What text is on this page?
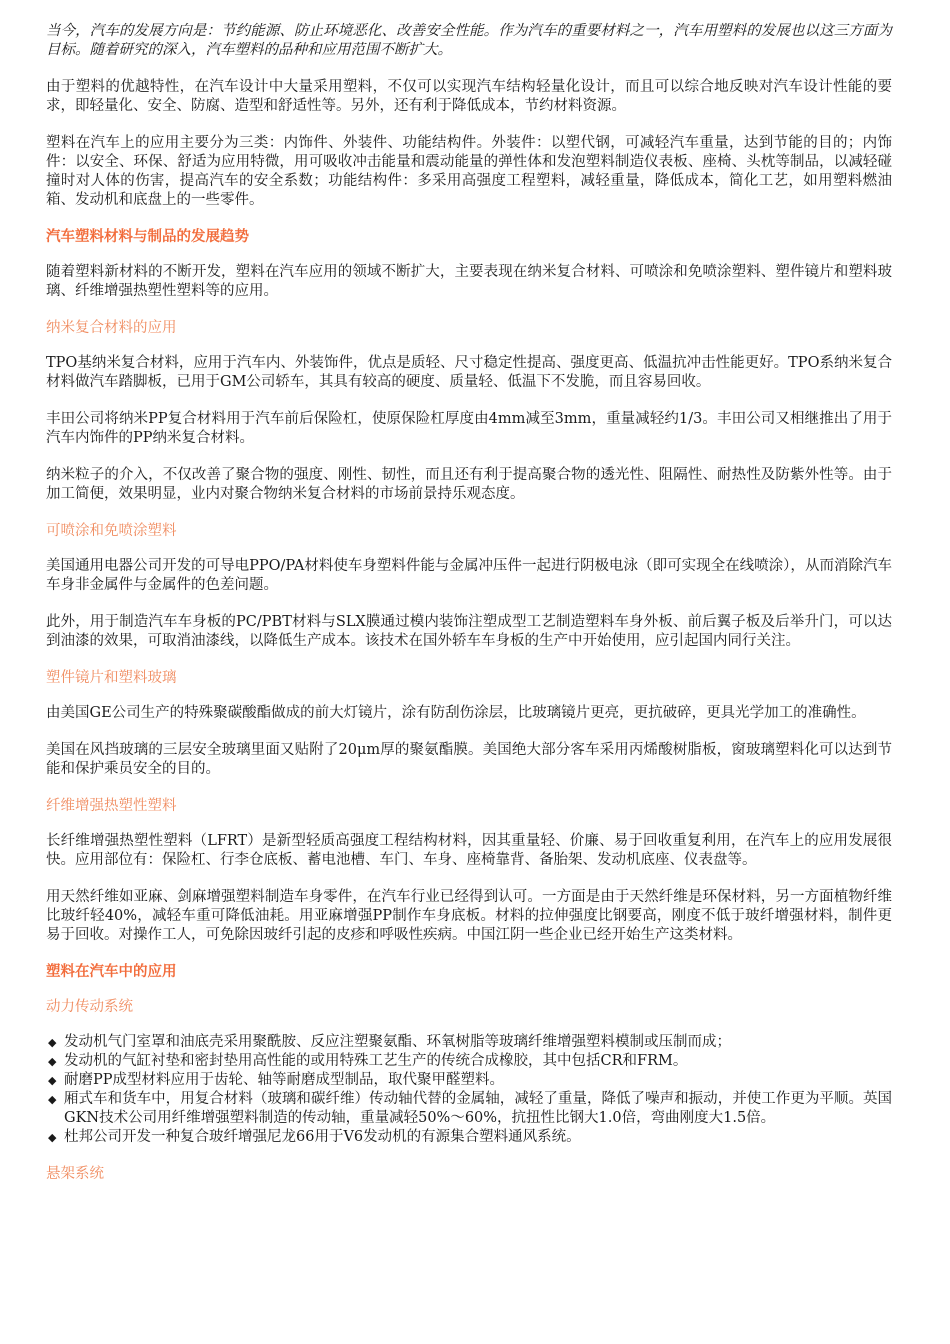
当今，汽车的发展方向是：节约能源、防止环境恶化、改善安全性能。作为汽车的重要材料之一，汽车用塑料的发展也以这三方面为目标。随着研究的深入，汽车塑料的品种和应用范围不断扩大。

由于塑料的优越特性，在汽车设计中大量采用塑料，不仅可以实现汽车结构轻量化设计，而且可以综合地反映对汽车设计性能的要求，即轻量化、安全、防腐、造型和舒适性等。另外，还有利于降低成本，节约材料资源。

塑料在汽车上的应用主要分为三类：内饰件、外装件、功能结构件。外装件：以塑代钢，可减轻汽车重量，达到节能的目的；内饰件：以安全、环保、舒适为应用特微，用可吸收冲击能量和震动能量的弹性体和发泡塑料制造仪表板、座椅、头枕等制品，以减轻碰撞时对人体的伤害，提高汽车的安全系数；功能结构件：多采用高强度工程塑料，减轻重量，降低成本，简化工艺，如用塑料燃油箱、发动机和底盘上的一些零件。

汽车塑料材料与制品的发展趋势

随着塑料新材料的不断开发，塑料在汽车应用的领域不断扩大，主要表现在纳米复合材料、可喷涂和免喷涂塑料、塑件镜片和塑料玻璃、纤维增强热塑性塑料等的应用。

纳米复合材料的应用

TPO基纳米复合材料，应用于汽车内、外装饰件，优点是质轻、尺寸稳定性提高、强度更高、低温抗冲击性能更好。TPO系纳米复合材料做汽车踏脚板，已用于GM公司轿车，其具有较高的硬度、质量轻、低温下不发脆，而且容易回收。

丰田公司将纳米PP复合材料用于汽车前后保险杠，使原保险杠厚度由4mm减至3mm，重量减轻约1/3。丰田公司又相继推出了用于汽车内饰件的PP纳米复合材料。

纳米粒子的介入，不仅改善了聚合物的强度、刚性、韧性，而且还有利于提高聚合物的透光性、阻隔性、耐热性及防紫外性等。由于加工简便，效果明显，业内对聚合物纳米复合材料的市场前景持乐观态度。

可喷涂和免喷涂塑料

美国通用电器公司开发的可导电PPO/PA材料使车身塑料件能与金属冲压件一起进行阴极电泳（即可实现全在线喷涂），从而消除汽车车身非金属件与金属件的色差问题。

此外，用于制造汽车车身板的PC/PBT材料与SLX膜通过模内装饰注塑成型工艺制造塑料车身外板、前后翼子板及后举升门，可以达到油漆的效果，可取消油漆线，以降低生产成本。该技术在国外轿车车身板的生产中开始使用，应引起国内同行关注。

塑件镜片和塑料玻璃

由美国GE公司生产的特殊聚碳酸酯做成的前大灯镜片，涂有防刮伤涂层，比玻璃镜片更亮，更抗破碎，更具光学加工的准确性。

美国在风挡玻璃的三层安全玻璃里面又贴附了20μm厚的聚氨酯膜。美国绝大部分客车采用丙烯酸树脂板，窗玻璃塑料化可以达到节能和保护乘员安全的目的。

纤维增强热塑性塑料

长纤维增强热塑性塑料（LFRT）是新型轻质高强度工程结构材料，因其重量轻、价廉、易于回收重复利用，在汽车上的应用发展很快。应用部位有：保险杠、行李仓底板、蓄电池槽、车门、车身、座椅靠背、备胎架、发动机底座、仪表盘等。

用天然纤维如亚麻、剑麻增强塑料制造车身零件，在汽车行业已经得到认可。一方面是由于天然纤维是环保材料，另一方面植物纤维比玻纤轻40%，减轻车重可降低油耗。用亚麻增强PP制作车身底板。材料的拉伸强度比钢要高，刚度不低于玻纤增强材料，制件更易于回收。对操作工人，可免除因玻纤引起的皮疹和呼吸性疾病。中国江阴一些企业已经开始生产这类材料。

塑料在汽车中的应用
动力传动系统
◆ 发动机气门室罩和油底壳采用聚酰胺、反应注塑聚氨酯、环氧树脂等玻璃纤维增强塑料模制或压制而成；
◆ 发动机的气缸衬垫和密封垫用高性能的或用特殊工艺生产的传统合成橡胶，其中包括CR和FRM。
◆ 耐磨PP成型材料应用于齿轮、轴等耐磨成型制品，取代聚甲醛塑料。
◆ 厢式车和货车中，用复合材料（玻璃和碳纤维）传动轴代替的金属轴，减轻了重量，降低了噪声和振动，并使工作更为平顺。英国GKN技术公司用纤维增强塑料制造的传动轴，重量减轻50%～60%，抗扭性比钢大1.0倍，弯曲刚度大1.5倍。
◆ 杜邦公司开发一种复合玻纤增强尼龙66用于V6发动机的有源集合塑料通风系统。
悬架系统
